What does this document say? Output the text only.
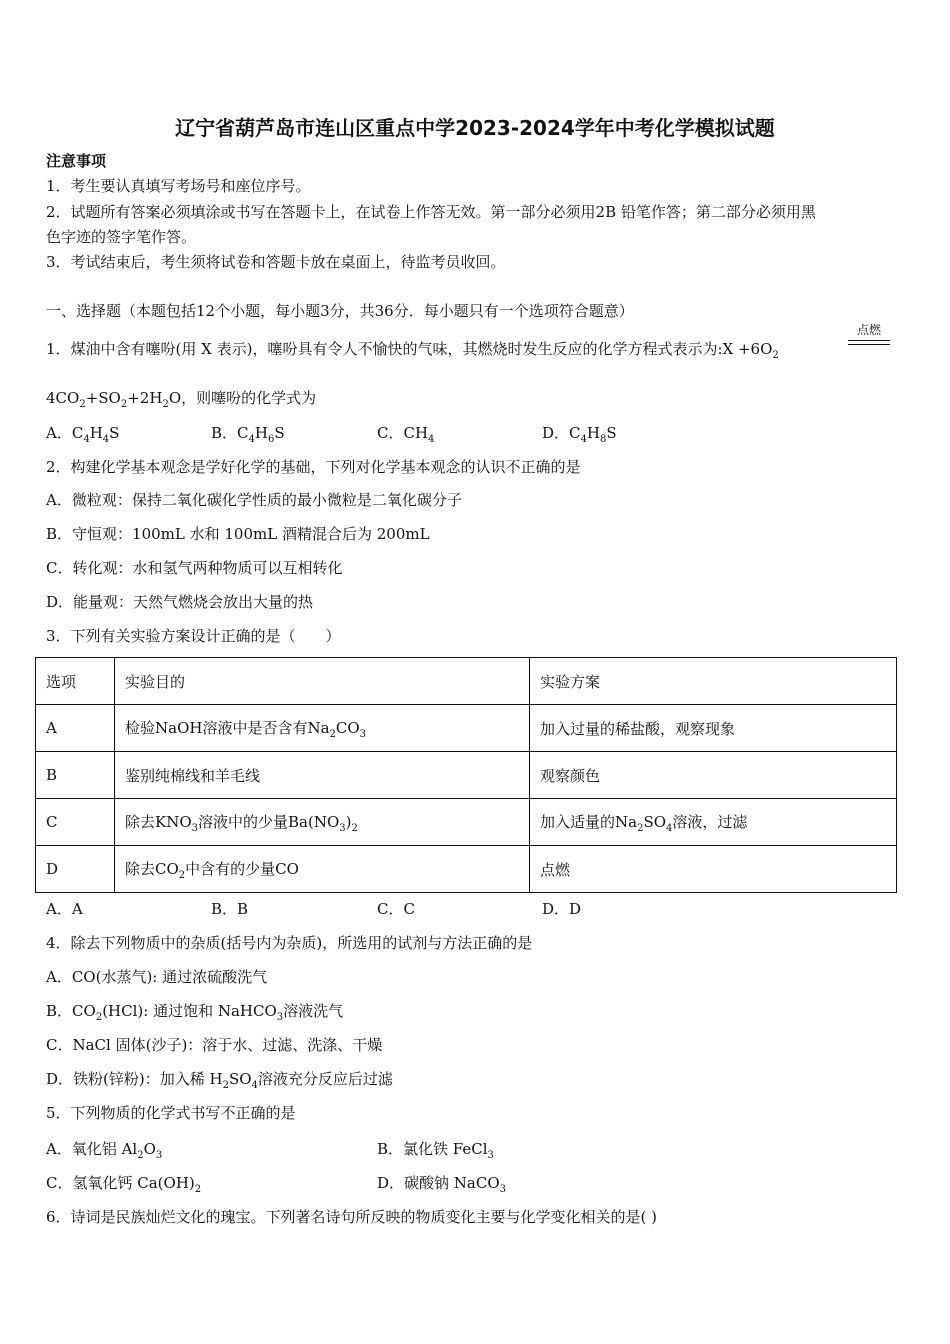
辽宁省葫芦岛市连山区重点中学2023-2024学年中考化学模拟试题
注意事项
1．考生要认真填写考场号和座位序号。
2．试题所有答案必须填涂或书写在答题卡上，在试卷上作答无效。第一部分必须用2B 铅笔作答；第二部分必须用黑
色字迹的签字笔作答。
3．考试结束后，考生须将试卷和答题卡放在桌面上，待监考员收回。
一、选择题（本题包括12个小题，每小题3分，共36分．每小题只有一个选项符合题意）
1．煤油中含有噻吩(用 X 表示)，噻吩具有令人不愉快的气味，其燃烧时发生反应的化学方程式表示为:X $+6O_2$
点燃
$4CO_2+SO_2+2H_2O$，则噻吩的化学式为
A．$C_4H_4S$	B．$C_4H_6S$	C．$CH_4$	D．$C_4H_8S$
2．构建化学基本观念是学好化学的基础，下列对化学基本观念的认识不正确的是
A．微粒观：保持二氧化碳化学性质的最小微粒是二氧化碳分子
B．守恒观：100mL 水和 100mL 酒精混合后为 200mL
C．转化观：水和氢气两种物质可以互相转化
D．能量观：天然气燃烧会放出大量的热
3．下列有关实验方案设计正确的是（　　）
选项	实验目的	实验方案
A	检验NaOH溶液中是否含有$Na_2CO_3$	加入过量的稀盐酸，观察现象
B	鉴别纯棉线和羊毛线	观察颜色
C	除去$KNO_3$溶液中的少量$Ba(NO_3)_2$	加入适量的$Na_2SO_4$溶液，过滤
D	除去$CO_2$中含有的少量CO	点燃
A．A	B．B	C．C	D．D
4．除去下列物质中的杂质(括号内为杂质)，所选用的试剂与方法正确的是
A．CO(水蒸气): 通过浓硫酸洗气
B．$CO_2(HCl)$: 通过饱和 NaHCO$_3$溶液洗气
C．NaCl 固体(沙子)：溶于水、过滤、洗涤、干燥
D．铁粉(锌粉)：加入稀 $H_2SO_4$溶液充分反应后过滤
5．下列物质的化学式书写不正确的是
A．氧化铝 $Al_2O_3$	B．氯化铁 FeCl$_3$
C．氢氧化钙 $Ca(OH)_2$	D．碳酸钠 NaCO$_3$
6．诗词是民族灿烂文化的瑰宝。下列著名诗句所反映的物质变化主要与化学变化相关的是( )
